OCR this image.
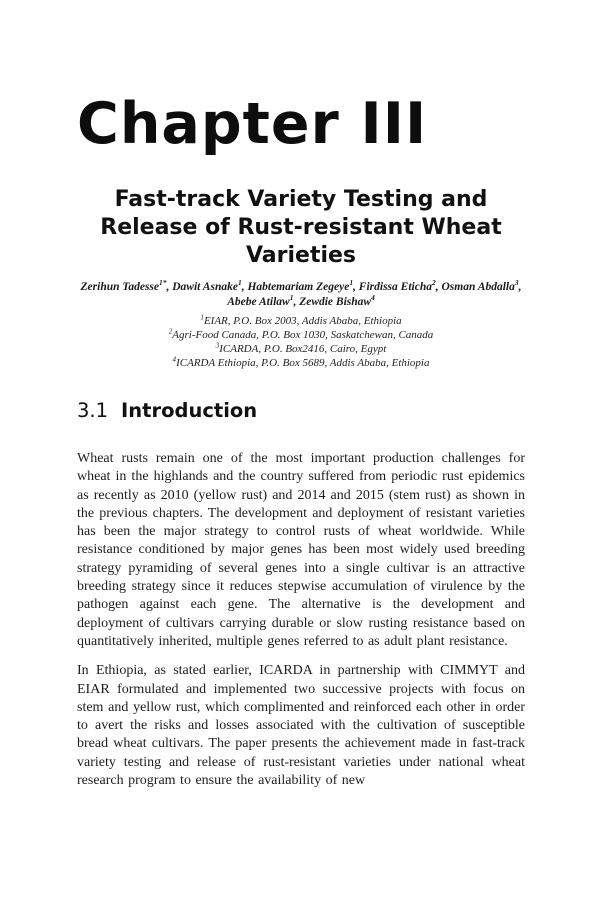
Chapter III
Fast-track Variety Testing and Release of Rust-resistant Wheat Varieties
Zerihun Tadesse$^{1*}$, Dawit Asnake$^1$, Habtemariam Zegeye$^1$, Firdissa Eticha$^2$, Osman Abdalla$^3$, Abebe Atilaw$^1$, Zewdie Bishaw$^4$
$^1$EIAR, P.O. Box 2003, Addis Ababa, Ethiopia
$^2$Agri-Food Canada, P.O. Box 1030, Saskatchewan, Canada
$^3$ICARDA, P.O. Box2416, Cairo, Egypt
$^4$ICARDA Ethiopia, P.O. Box 5689, Addis Ababa, Ethiopia
3.1 Introduction
Wheat rusts remain one of the most important production challenges for wheat in the highlands and the country suffered from periodic rust epidemics as recently as 2010 (yellow rust) and 2014 and 2015 (stem rust) as shown in the previous chapters. The development and deployment of resistant varieties has been the major strategy to control rusts of wheat worldwide. While resistance conditioned by major genes has been most widely used breeding strategy pyramiding of several genes into a single cultivar is an attractive breeding strategy since it reduces stepwise accumulation of virulence by the pathogen against each gene. The alternative is the development and deployment of cultivars carrying durable or slow rusting resistance based on quantitatively inherited, multiple genes referred to as adult plant resistance.
In Ethiopia, as stated earlier, ICARDA in partnership with CIMMYT and EIAR formulated and implemented two successive projects with focus on stem and yellow rust, which complimented and reinforced each other in order to avert the risks and losses associated with the cultivation of susceptible bread wheat cultivars. The paper presents the achievement made in fast-track variety testing and release of rust-resistant varieties under national wheat research program to ensure the availability of new
